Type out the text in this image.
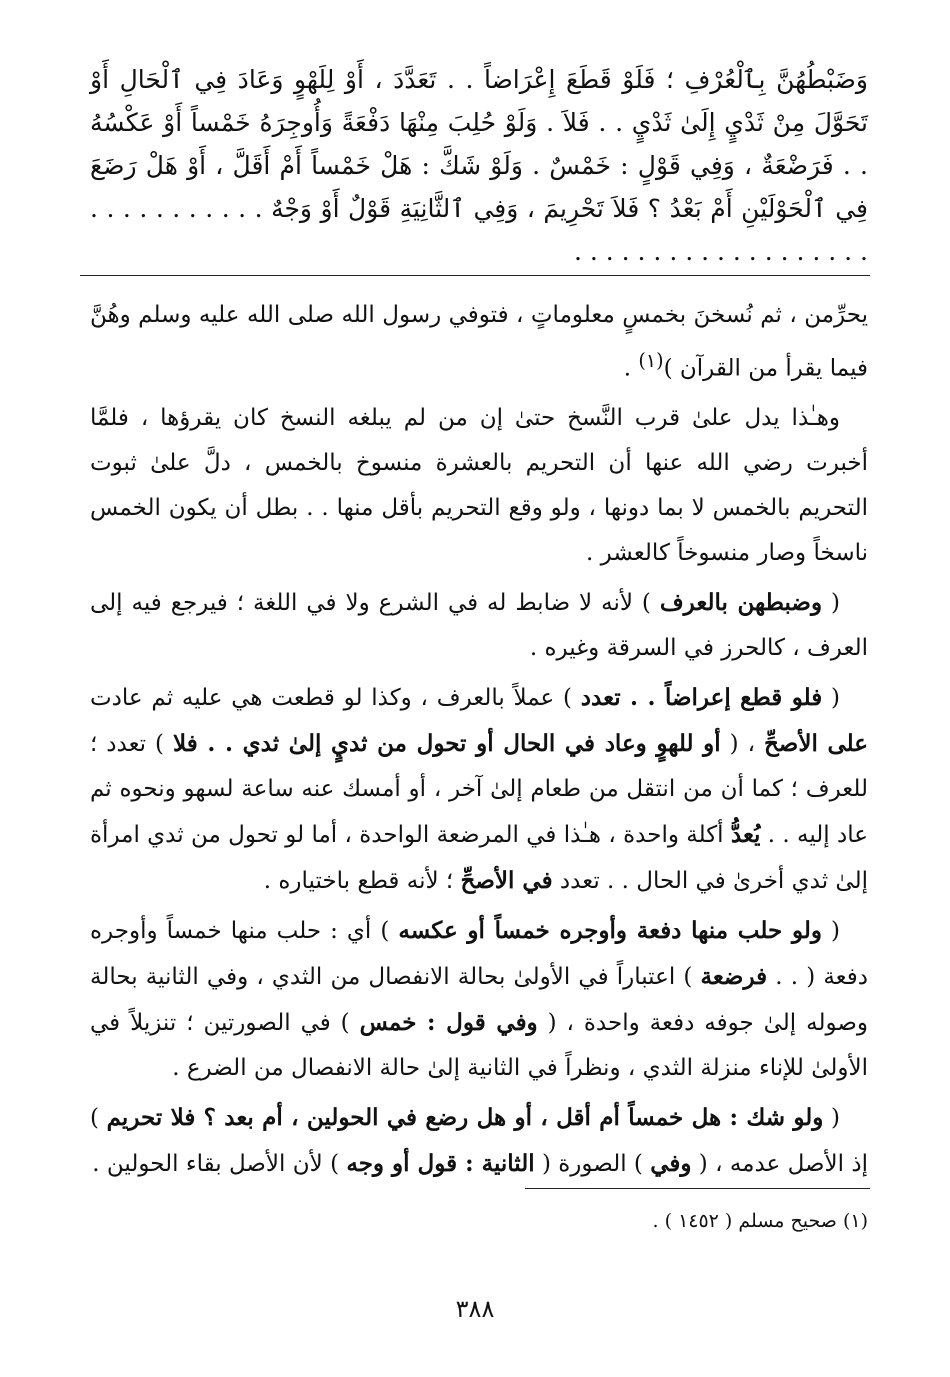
وَضَبْطُهُنَّ بِٱلْعُرْفِ ؛ فَلَوْ قَطَعَ إِعْرَاضاً . . تَعَدَّدَ ، أَوْ لِلَهْوٍ وَعَادَ فِي ٱلْحَالِ أَوْ تَحَوَّلَ مِنْ ثَدْيٍ إِلَىٰ ثَدْيٍ . . فَلاَ . وَلَوْ حُلِبَ مِنْهَا دَفْعَةً وَأُوجِرَهُ خَمْساً أَوْ عَكْسُهُ . . فَرَضْعَةٌ ، وَفِي قَوْلٍ : خَمْسٌ . وَلَوْ شَكَّ : هَلْ خَمْساً أَمْ أَقَلَّ ، أَوْ هَلْ رَضَعَ فِي ٱلْحَوْلَيْنِ أَمْ بَعْدُ ؟ فَلاَ تَحْرِيمَ ، وَفِي ٱلثَّانِيَةِ قَوْلٌ أَوْ وَجْهٌ . . . . . . . . . . . . . . . . . . . . . . . . . . . . . .

يحرِّمن ، ثم نُسخنَ بخمسٍ معلوماتٍ ، فتوفي رسول الله صلى الله عليه وسلم وهُنَّ فيما يقرأ من القرآن )$^{(١)}$ .

وهـٰذا يدل علىٰ قرب النَّسخ حتىٰ إن من لم يبلغه النسخ كان يقرؤها ، فلمَّا أخبرت رضي الله عنها أن التحريم بالعشرة منسوخ بالخمس ، دلَّ علىٰ ثبوت التحريم بالخمس لا بما دونها ، ولو وقع التحريم بأقل منها . . بطل أن يكون الخمس ناسخاً وصار منسوخاً كالعشر .

( وضبطهن بالعرف ) لأنه لا ضابط له في الشرع ولا في اللغة ؛ فيرجع فيه إلى العرف ، كالحرز في السرقة وغيره .

( فلو قطع إعراضاً . . تعدد ) عملاً بالعرف ، وكذا لو قطعت هي عليه ثم عادت على الأصحِّ ، ( أو للهوٍ وعاد في الحال أو تحول من ثديٍ إلىٰ ثدي . . فلا ) تعدد ؛ للعرف ؛ كما أن من انتقل من طعام إلىٰ آخر ، أو أمسك عنه ساعة لسهو ونحوه ثم عاد إليه . . يُعدُّ أكلة واحدة ، هـٰذا في المرضعة الواحدة ، أما لو تحول من ثدي امرأة إلىٰ ثدي أخرىٰ في الحال . . تعدد في الأصحِّ ؛ لأنه قطع باختياره .

( ولو حلب منها دفعة وأوجره خمساً أو عكسه ) أي : حلب منها خمساً وأوجره دفعة ( . . فرضعة ) اعتباراً في الأولىٰ بحالة الانفصال من الثدي ، وفي الثانية بحالة وصوله إلىٰ جوفه دفعة واحدة ، ( وفي قول : خمس ) في الصورتين ؛ تنزيلاً في الأولىٰ للإناء منزلة الثدي ، ونظراً في الثانية إلىٰ حالة الانفصال من الضرع .

( ولو شك : هل خمساً أم أقل ، أو هل رضع في الحولين ، أم بعد ؟ فلا تحريم ) إذ الأصل عدمه ، ( وفي ) الصورة ( الثانية : قول أو وجه ) لأن الأصل بقاء الحولين .

(١) صحيح مسلم ( ١٤٥٢ ) .
٣٨٨
